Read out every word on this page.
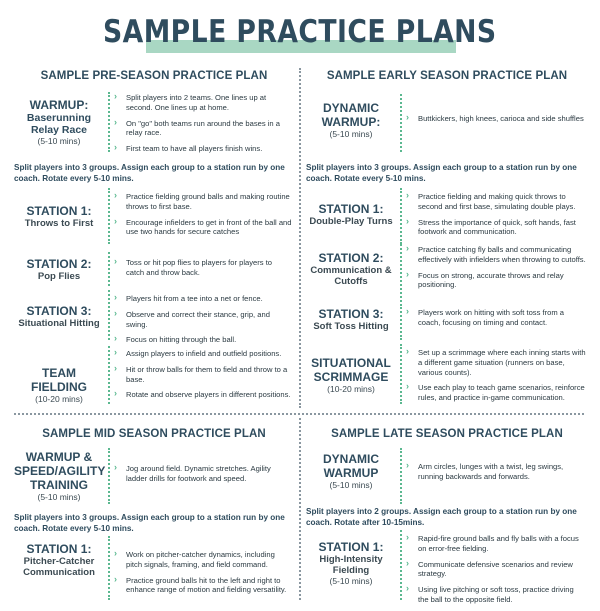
SAMPLE PRACTICE PLANS
SAMPLE PRE-SEASON PRACTICE PLAN
WARMUP:
Baserunning
Relay Race
(5-10 mins)
› Split players into 2 teams. One lines up at second. One lines up at home.
› On "go" both teams run around the bases in a relay race.
› First team to have all players finish wins.
Split players into 3 groups. Assign each group to a station run by one coach. Rotate every 5-10 mins.
STATION 1:
Throws to First
› Practice fielding ground balls and making routine throws to first base.
› Encourage infielders to get in front of the ball and use two hands for secure catches
STATION 2:
Pop Flies
› Toss or hit pop flies to players for players to catch and throw back.
STATION 3:
Situational Hitting
› Players hit from a tee into a net or fence.
› Observe and correct their stance, grip, and swing.
› Focus on hitting through the ball.
TEAM FIELDING
(10-20 mins)
› Assign players to infield and outfield positions.
› Hit or throw balls for them to field and throw to a base.
› Rotate and observe players in different positions.
SAMPLE EARLY SEASON PRACTICE PLAN
DYNAMIC
WARMUP:
(5-10 mins)
› Buttkickers, high knees, carioca and side shuffles
Split players into 3 groups. Assign each group to a station run by one coach. Rotate every 5-10 mins.
STATION 1:
Double-Play Turns
› Practice fielding and making quick throws to second and first base, simulating double plays.
› Stress the importance of quick, soft hands, fast footwork and communication.
STATION 2:
Communication &
Cutoffs
› Practice catching fly balls and communicating effectively with infielders when throwing to cutoffs.
› Focus on strong, accurate throws and relay positioning.
STATION 3:
Soft Toss Hitting
› Players work on hitting with soft toss from a coach, focusing on timing and contact.
SITUATIONAL
SCRIMMAGE
(10-20 mins)
› Set up a scrimmage where each inning starts with a different game situation (runners on base, various counts).
› Use each play to teach game scenarios, reinforce rules, and practice in-game communication.
SAMPLE MID SEASON PRACTICE PLAN
WARMUP &
SPEED/AGILITY
TRAINING
(5-10 mins)
› Jog around field. Dynamic stretches. Agility ladder drills for footwork and speed.
Split players into 3 groups. Assign each group to a station run by one coach. Rotate every 5-10 mins.
STATION 1:
Pitcher-Catcher
Communication
› Work on pitcher-catcher dynamics, including pitch signals, framing, and field command.
› Practice ground balls hit to the left and right to enhance range of motion and fielding versatility.
SAMPLE LATE SEASON PRACTICE PLAN
DYNAMIC
WARMUP
(5-10 mins)
› Arm circles, lunges with a twist, leg swings, running backwards and forwards.
Split players into 2 groups. Assign each group to a station run by one coach. Rotate after 10-15mins.
STATION 1:
High-Intensity
Fielding
(5-10 mins)
› Rapid-fire ground balls and fly balls with a focus on error-free fielding.
› Communicate defensive scenarios and review strategy.
› Using live pitching or soft toss, practice driving the ball to the opposite field.
